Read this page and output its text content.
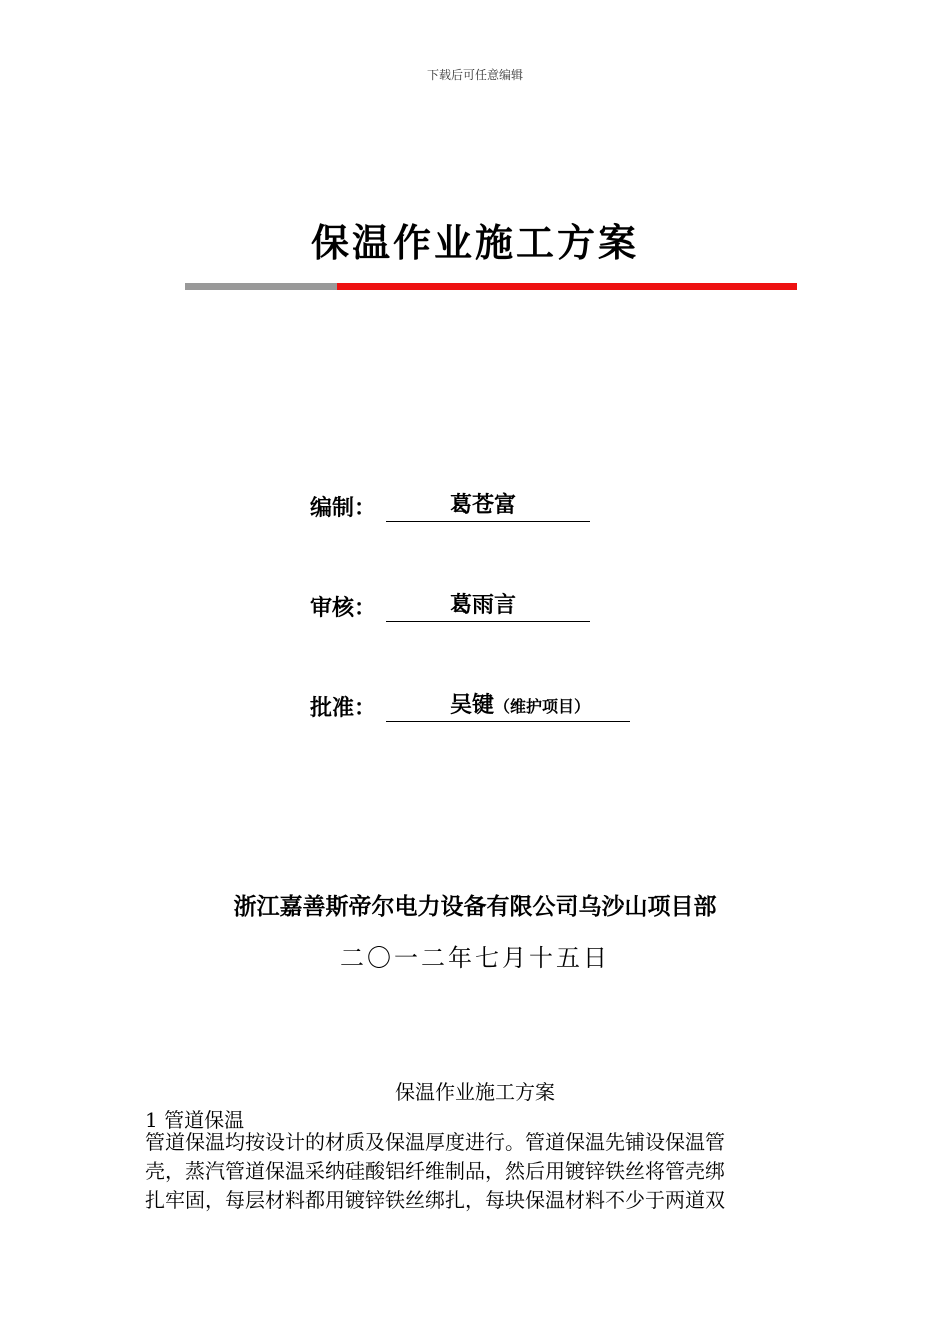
下载后可任意编辑
保温作业施工方案
编制：	葛苍富
审核：	葛雨言
批准：	吴键（维护项目）
浙江嘉善斯帝尔电力设备有限公司乌沙山项目部
二〇一二年七月十五日
保温作业施工方案
1 管道保温
管道保温均按设计的材质及保温厚度进行。管道保温先铺设保温管
壳，蒸汽管道保温采纳硅酸铝纤维制品，然后用镀锌铁丝将管壳绑
扎牢固，每层材料都用镀锌铁丝绑扎，每块保温材料不少于两道双
